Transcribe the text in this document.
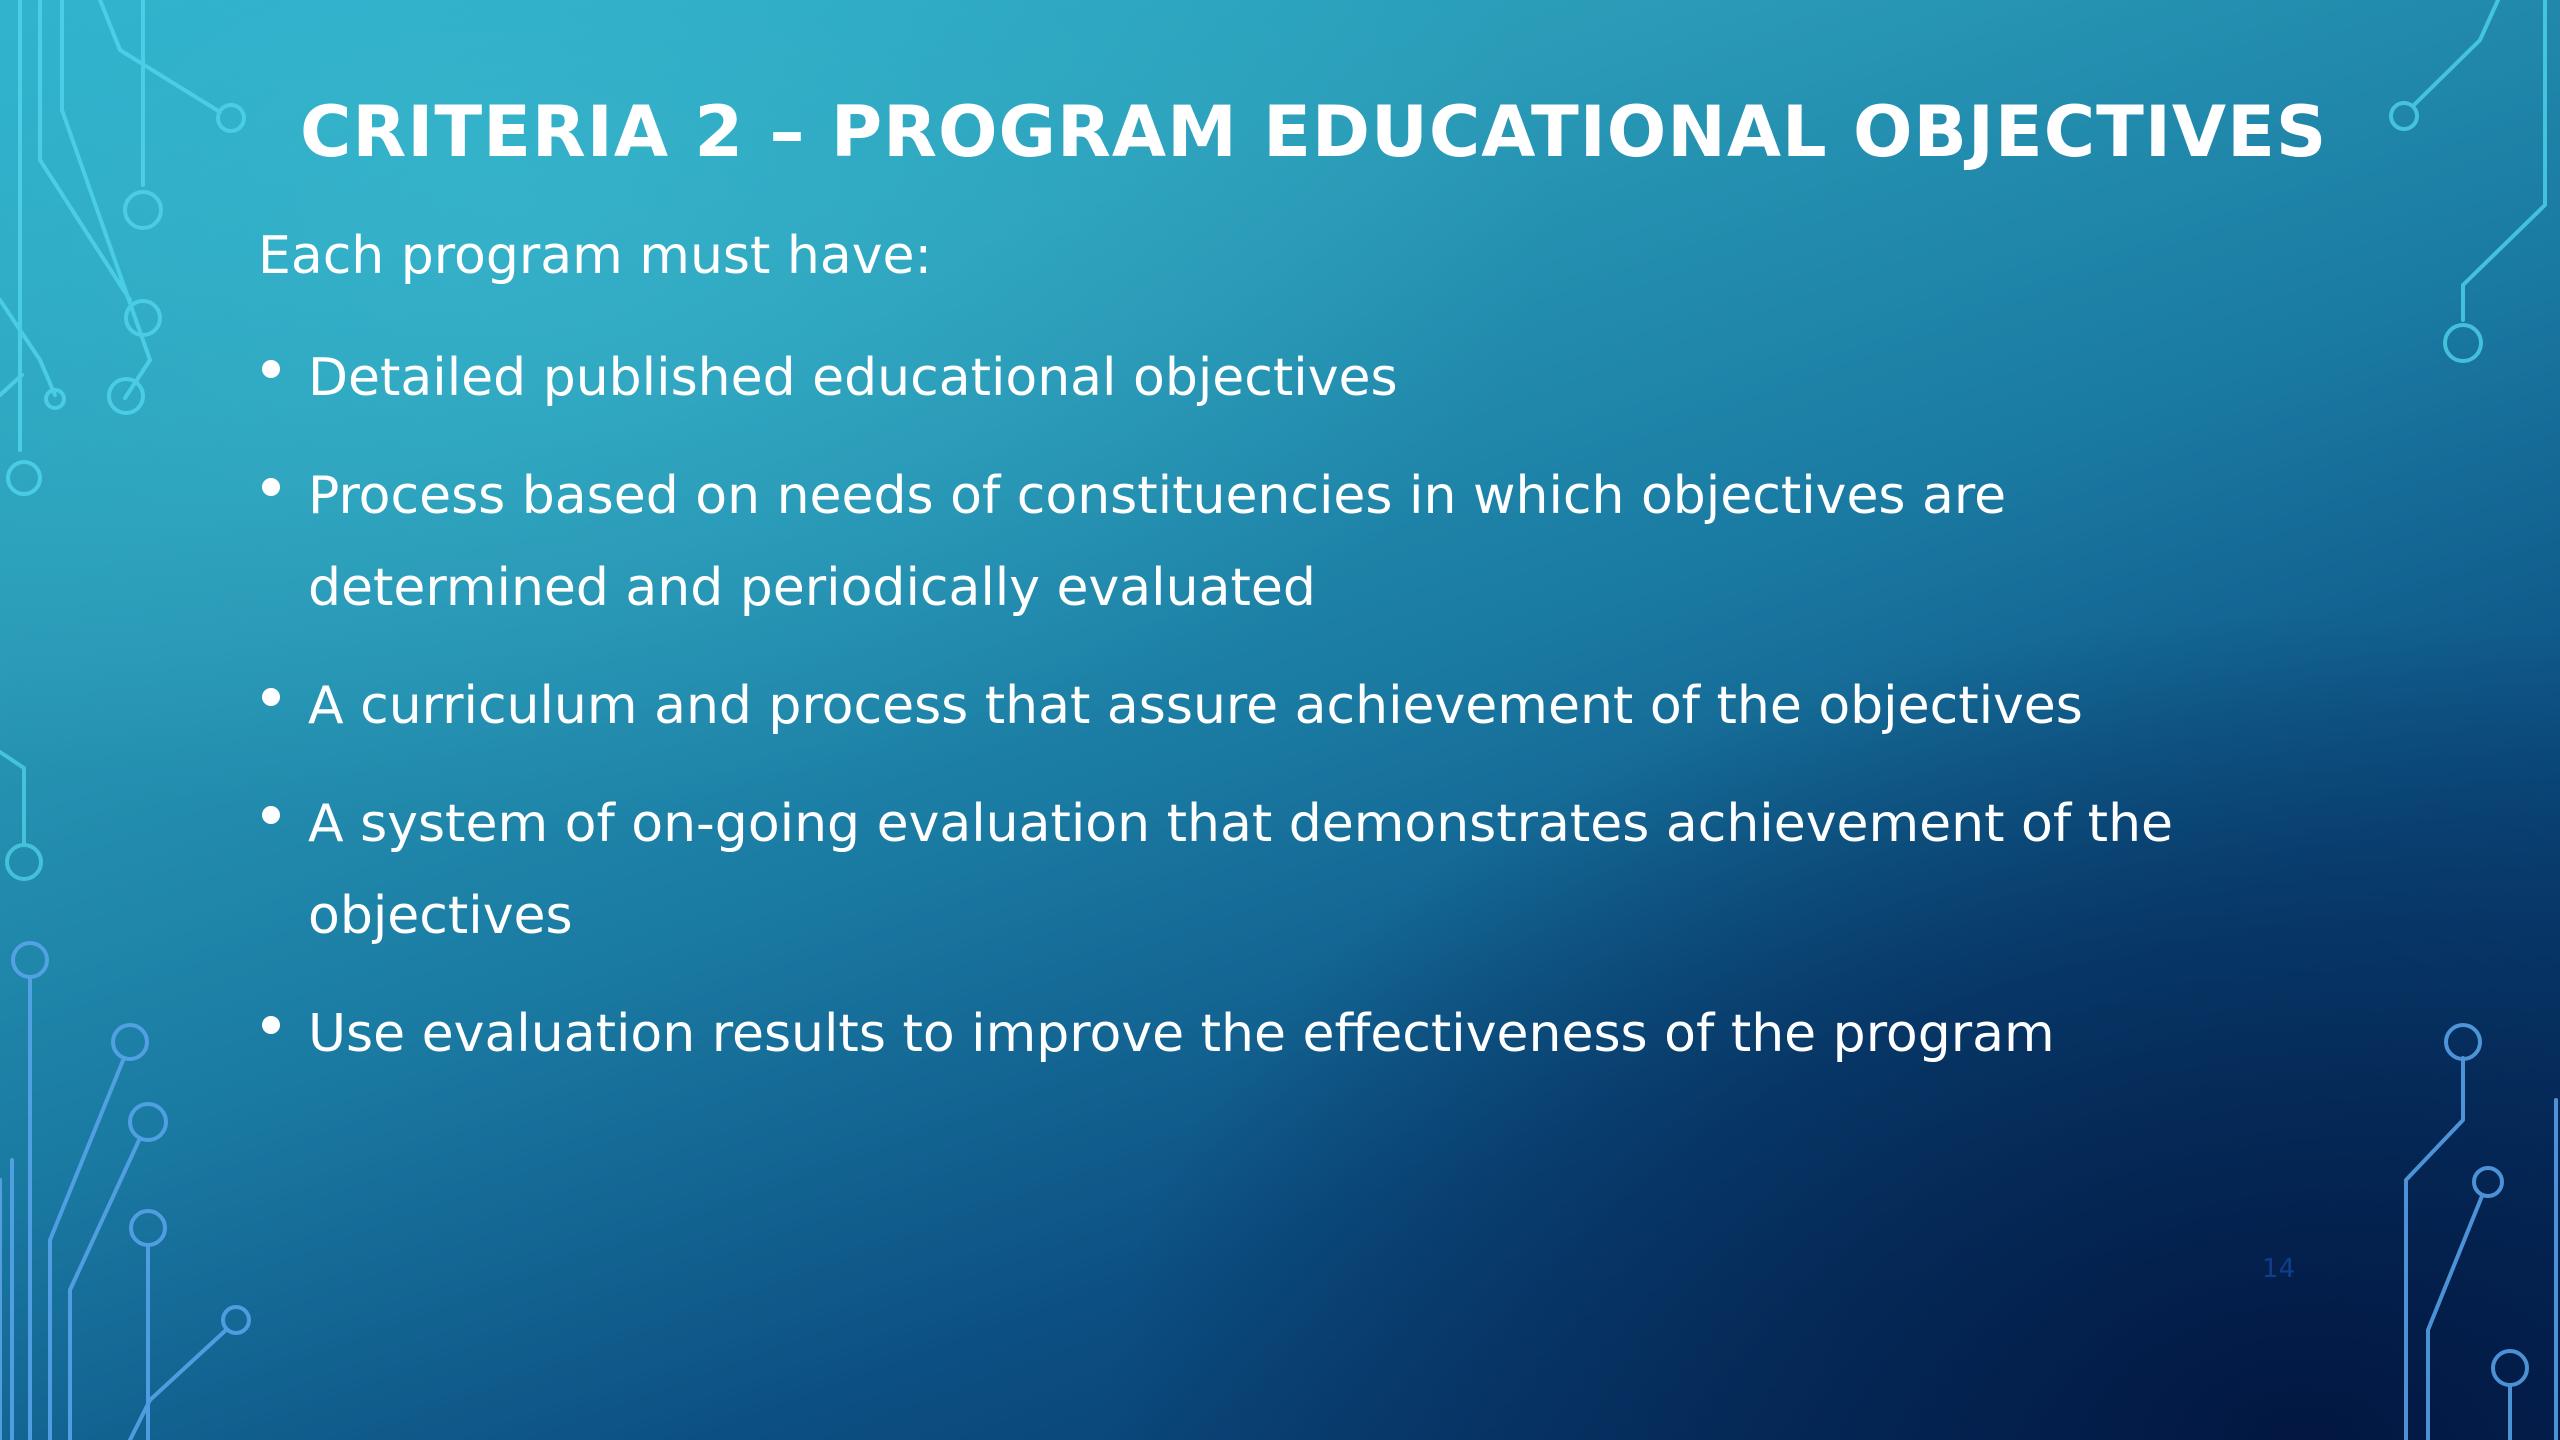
CRITERIA 2 – PROGRAM EDUCATIONAL OBJECTIVES

Each program must have:

Detailed published educational objectives
Process based on needs of constituencies in which objectives are determined and periodically evaluated
A curriculum and process that assure achievement of the objectives
A system of on-going evaluation that demonstrates achievement of the objectives
Use evaluation results to improve the effectiveness of the program
14
